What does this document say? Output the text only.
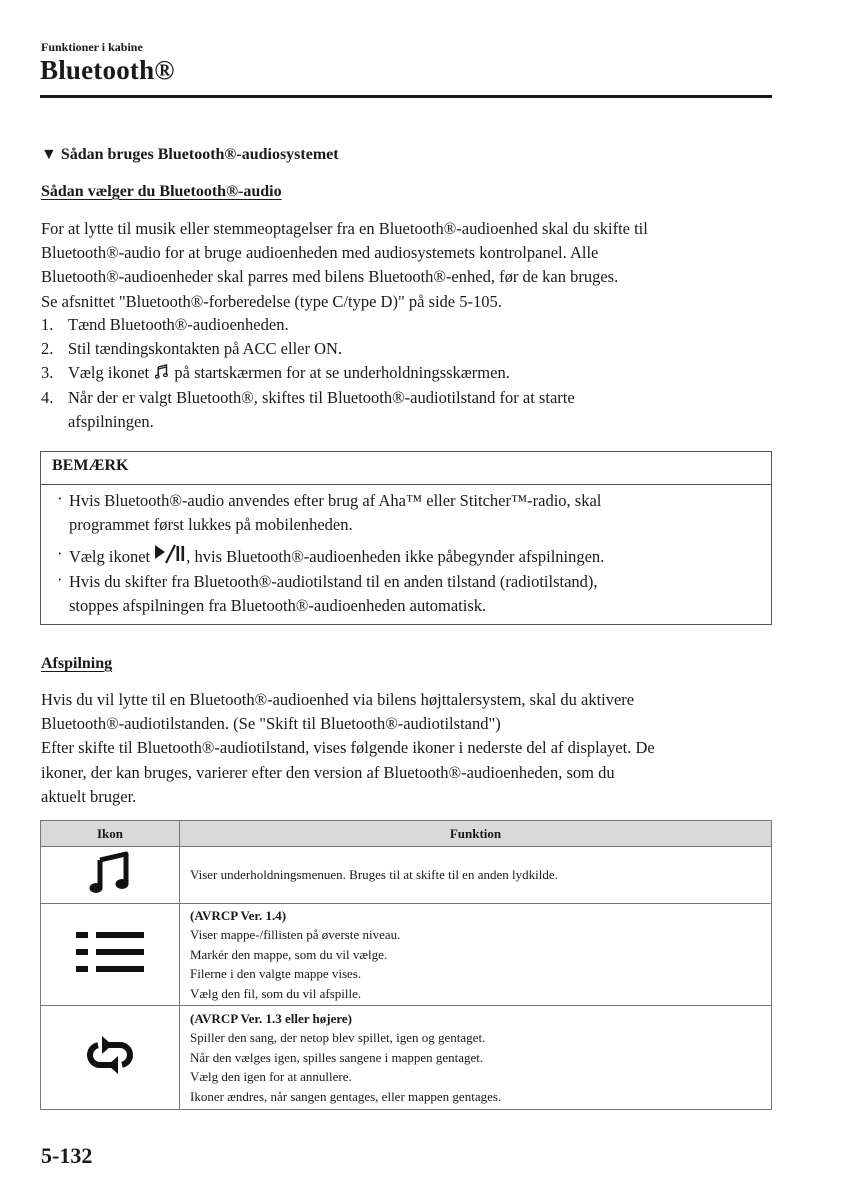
Funktioner i kabine
Bluetooth®
▼ Sådan bruges Bluetooth®-audiosystemet
Sådan vælger du Bluetooth®-audio

For at lytte til musik eller stemmeoptagelser fra en Bluetooth®-audioenhed skal du skifte til

Bluetooth®-audio for at bruge audioenheden med audiosystemets kontrolpanel. Alle

Bluetooth®-audioenheder skal parres med bilens Bluetooth®-enhed, før de kan bruges.

Se afsnittet "Bluetooth®-forberedelse (type C/type D)" på side 5-105.

1. Tænd Bluetooth®-audioenheden.
2. Stil tændingskontakten på ACC eller ON.
3. Vælg ikonet på startskærmen for at se underholdningsskærmen.
4. Når der er valgt Bluetooth®, skiftes til Bluetooth®-audiotilstand for at starte
afspilningen.
BEMÆRK
· Hvis Bluetooth®-audio anvendes efter brug af Aha™ eller Stitcher™-radio, skal
programmet først lukkes på mobilenheden.
· Vælg ikonet , hvis Bluetooth®-audioenheden ikke påbegynder afspilningen.
· Hvis du skifter fra Bluetooth®-audiotilstand til en anden tilstand (radiotilstand),
stoppes afspilningen fra Bluetooth®-audioenheden automatisk.
Afspilning

Hvis du vil lytte til en Bluetooth®-audioenhed via bilens højttalersystem, skal du aktivere

Bluetooth®-audiotilstanden. (Se "Skift til Bluetooth®-audiotilstand")

Efter skifte til Bluetooth®-audiotilstand, vises følgende ikoner i nederste del af displayet. De

ikoner, der kan bruges, varierer efter den version af Bluetooth®-audioenheden, som du

aktuelt bruger.

Ikon	Funktion

Viser underholdningsmenuen. Bruges til at skifte til en anden lydkilde.

(AVRCP Ver. 1.4)
Viser mappe-/fillisten på øverste niveau.
Markér den mappe, som du vil vælge.
Filerne i den valgte mappe vises.
Vælg den fil, som du vil afspille.

(AVRCP Ver. 1.3 eller højere)
Spiller den sang, der netop blev spillet, igen og gentaget.
Når den vælges igen, spilles sangene i mappen gentaget.
Vælg den igen for at annullere.
Ikoner ændres, når sangen gentages, eller mappen gentages.
5-132
